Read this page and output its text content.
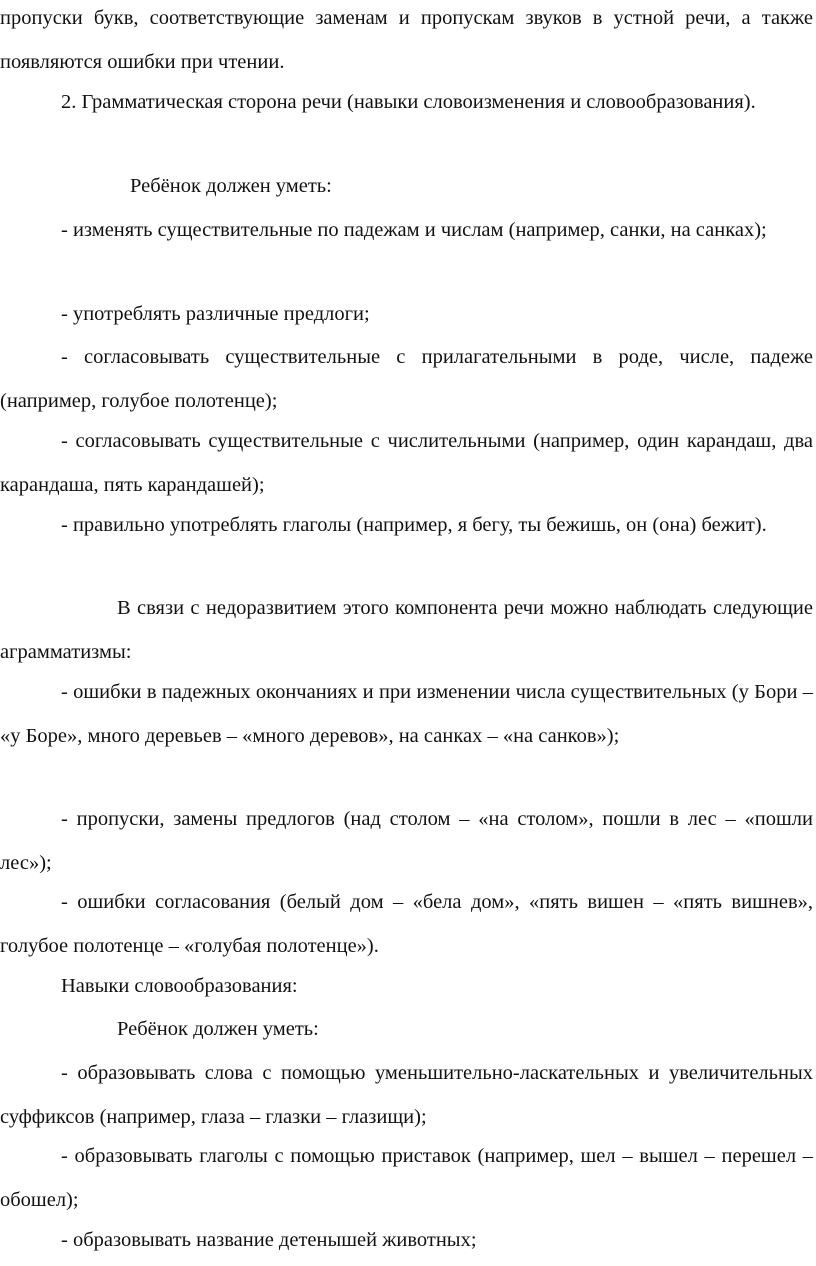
пропуски букв, соответствующие заменам и пропускам звуков в устной речи, а также появляются ошибки при чтении.

2. Грамматическая сторона речи (навыки словоизменения и словообразования).

Ребёнок должен уметь:

- изменять существительные по падежам и числам (например, санки, на санках);

- употреблять различные предлоги;

- согласовывать существительные с прилагательными в роде, числе, падеже (например, голубое полотенце);

- согласовывать существительные с числительными (например, один карандаш, два карандаша, пять карандашей);

- правильно употреблять глаголы (например, я бегу, ты бежишь, он (она) бежит).

В связи с недоразвитием этого компонента речи можно наблюдать следующие аграмматизмы:

- ошибки в падежных окончаниях и при изменении числа существительных (у Бори – «у Боре», много деревьев – «много деревов», на санках – «на санков»);

- пропуски, замены предлогов (над столом – «на столом», пошли в лес – «пошли лес»);

- ошибки согласования (белый дом – «бела дом», «пять вишен – «пять вишнев», голубое полотенце – «голубая полотенце»).

Навыки словообразования:

Ребёнок должен уметь:

- образовывать слова с помощью уменьшительно-ласкательных и увеличительных суффиксов (например, глаза – глазки – глазищи);

- образовывать глаголы с помощью приставок (например, шел – вышел – перешел – обошел);

- образовывать название детенышей животных;
